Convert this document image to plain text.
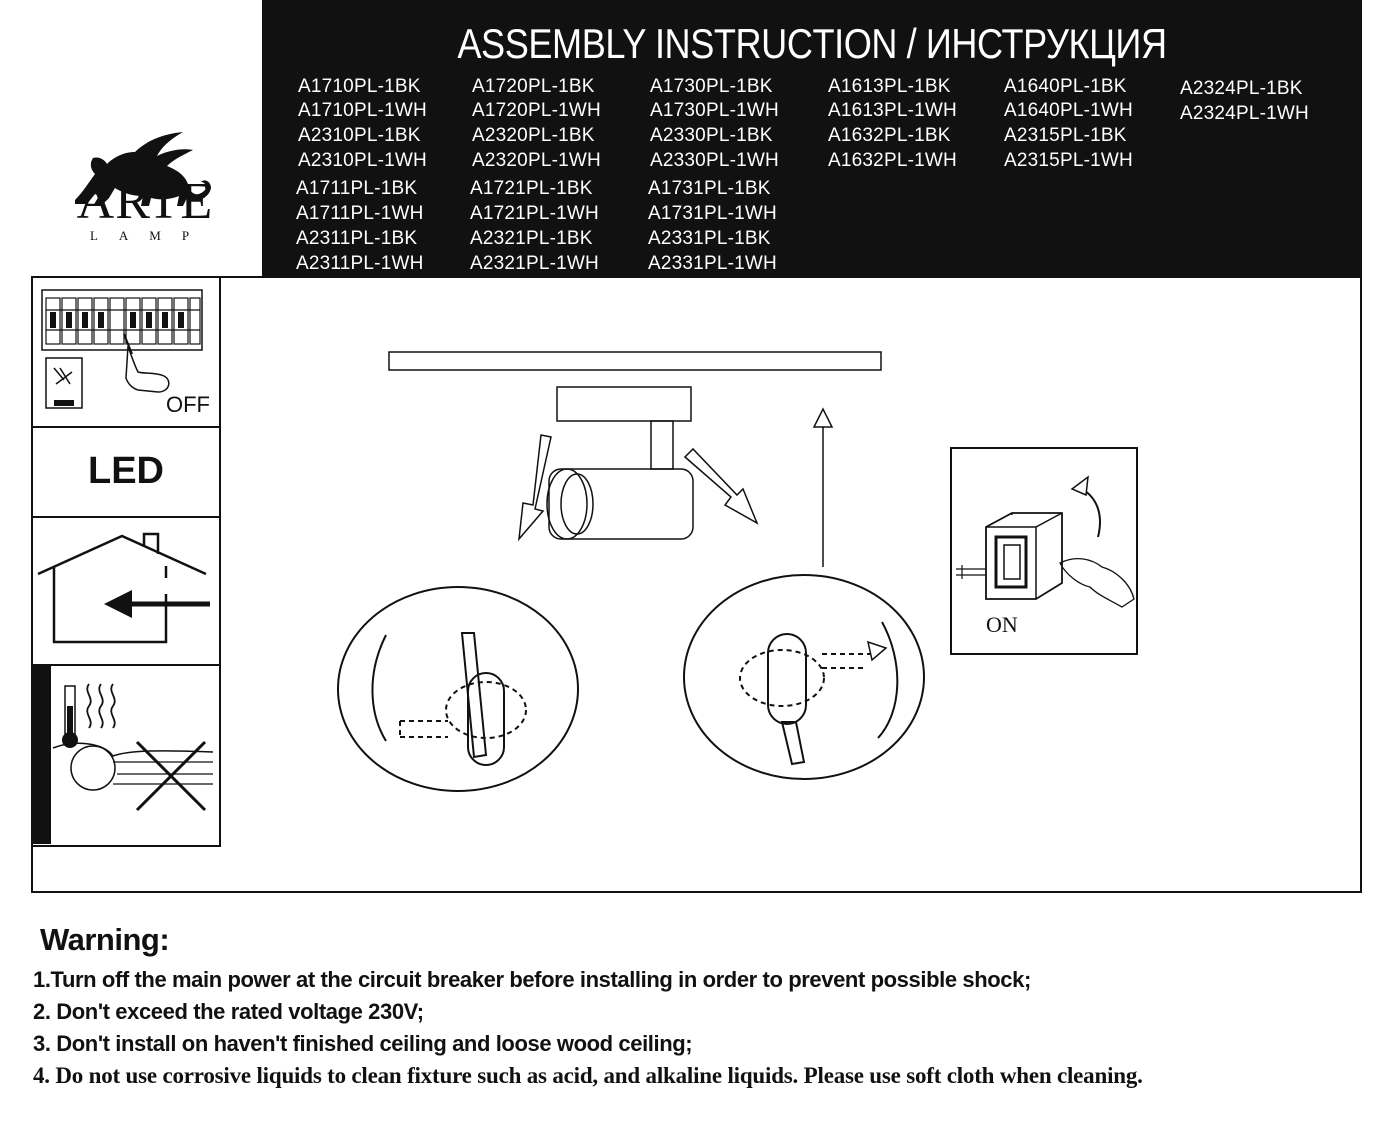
ARTE
LAMP
ASSEMBLY INSTRUCTION / ИНСТРУКЦИЯ
A1710PL-1BK
A1710PL-1WH
A2310PL-1BK
A2310PL-1WH
A1720PL-1BK
A1720PL-1WH
A2320PL-1BK
A2320PL-1WH
A1730PL-1BK
A1730PL-1WH
A2330PL-1BK
A2330PL-1WH
A1613PL-1BK
A1613PL-1WH
A1632PL-1BK
A1632PL-1WH
A1640PL-1BK
A1640PL-1WH
A2315PL-1BK
A2315PL-1WH
A2324PL-1BK
A2324PL-1WH
A1711PL-1BK
A1711PL-1WH
A2311PL-1BK
A2311PL-1WH
A1721PL-1BK
A1721PL-1WH
A2321PL-1BK
A2321PL-1WH
A1731PL-1BK
A1731PL-1WH
A2331PL-1BK
A2331PL-1WH
OFF
LED
ON
Warning:
1.Turn off the main power at the circuit breaker before installing in order to prevent possible shock;
2. Don't exceed the rated voltage 230V;
3. Don't install on haven't finished ceiling and loose wood ceiling;
4. Do not use corrosive liquids to clean fixture such as acid, and alkaline liquids. Please use soft cloth when cleaning.
